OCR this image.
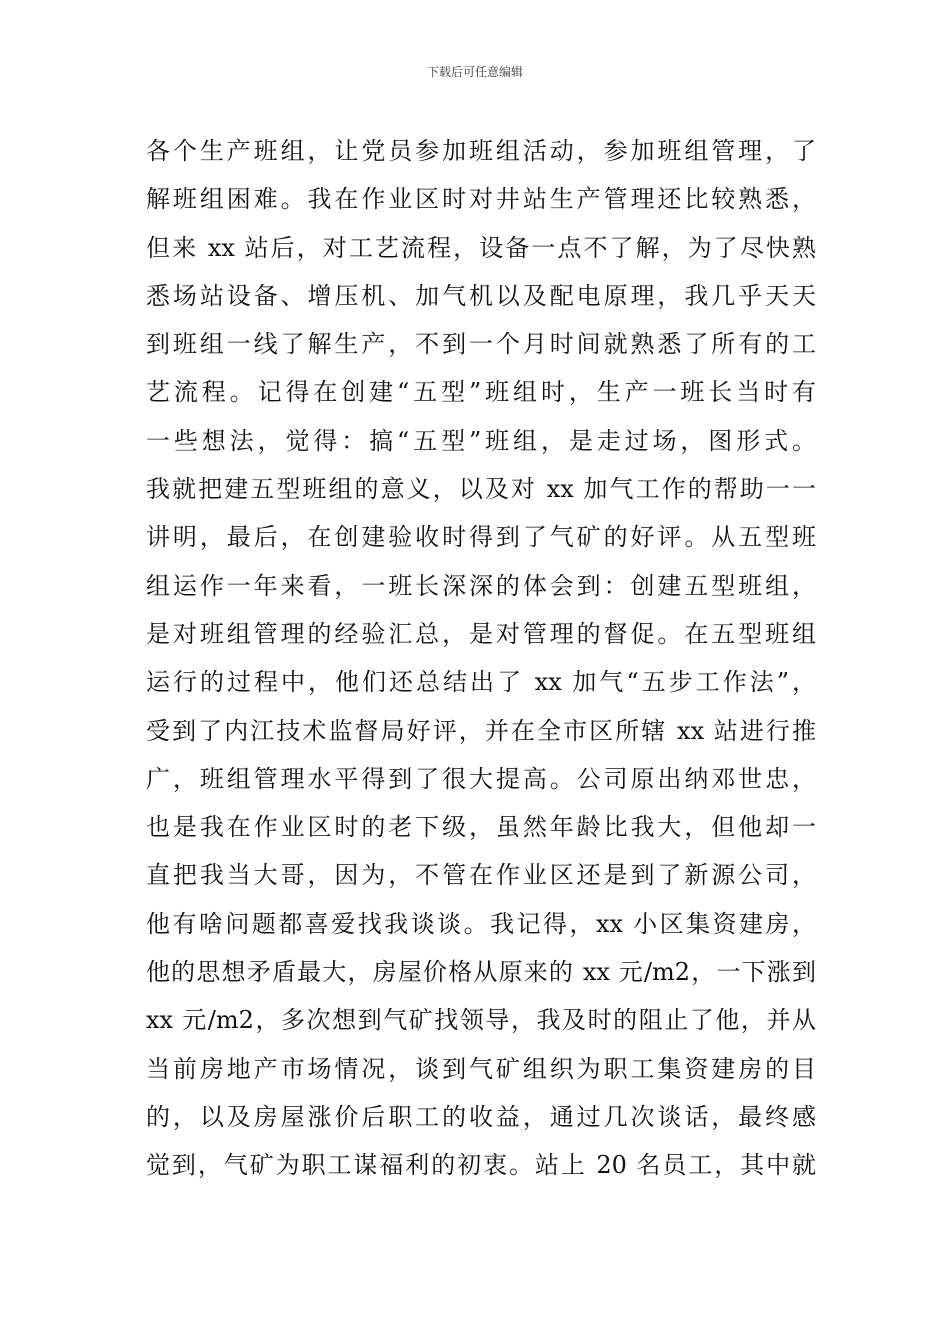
下载后可任意编辑
各个生产班组，让党员参加班组活动，参加班组管理，了
解班组困难。我在作业区时对井站生产管理还比较熟悉，
但来 xx 站后，对工艺流程，设备一点不了解，为了尽快熟
悉场站设备、增压机、加气机以及配电原理，我几乎天天
到班组一线了解生产，不到一个月时间就熟悉了所有的工
艺流程。记得在创建“五型”班组时，生产一班长当时有
一些想法，觉得：搞“五型”班组，是走过场，图形式。
我就把建五型班组的意义，以及对 xx 加气工作的帮助一一
讲明，最后，在创建验收时得到了气矿的好评。从五型班
组运作一年来看，一班长深深的体会到：创建五型班组，
是对班组管理的经验汇总，是对管理的督促。在五型班组
运行的过程中，他们还总结出了 xx 加气“五步工作法”，
受到了内江技术监督局好评，并在全市区所辖 xx 站进行推
广，班组管理水平得到了很大提高。公司原出纳邓世忠，
也是我在作业区时的老下级，虽然年龄比我大，但他却一
直把我当大哥，因为，不管在作业区还是到了新源公司，
他有啥问题都喜爱找我谈谈。我记得，xx 小区集资建房，
他的思想矛盾最大，房屋价格从原来的 xx 元/m2，一下涨到
xx 元/m2，多次想到气矿找领导，我及时的阻止了他，并从
当前房地产市场情况，谈到气矿组织为职工集资建房的目
的，以及房屋涨价后职工的收益，通过几次谈话，最终感
觉到，气矿为职工谋福利的初衷。站上 20 名员工，其中就
